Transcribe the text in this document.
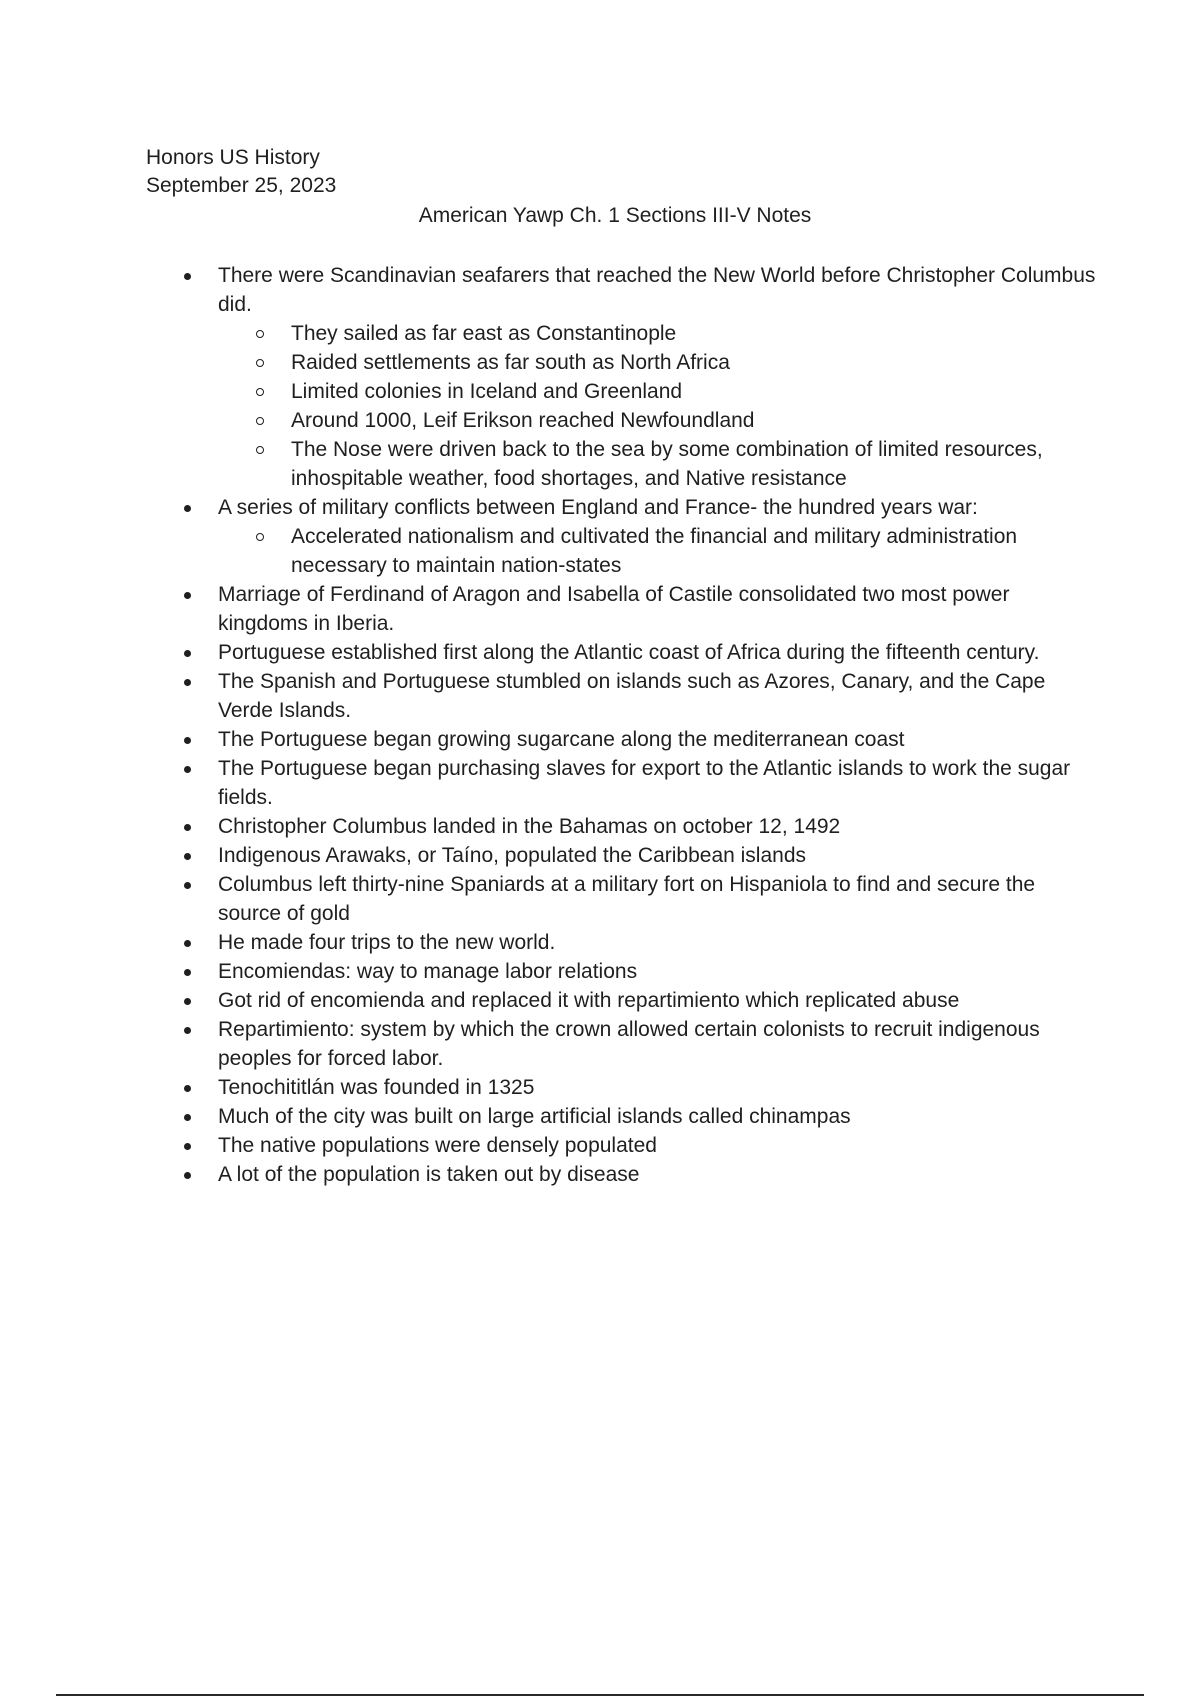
Honors US History
September 25, 2023
American Yawp Ch. 1 Sections III-V Notes
There were Scandinavian seafarers that reached the New World before Christopher Columbus did.
They sailed as far east as Constantinople
Raided settlements as far south as North Africa
Limited colonies in Iceland and Greenland
Around 1000, Leif Erikson reached Newfoundland
The Nose were driven back to the sea by some combination of limited resources, inhospitable weather, food shortages, and Native resistance
A series of military conflicts between England and France- the hundred years war:
Accelerated nationalism and cultivated the financial and military administration necessary to maintain nation-states
Marriage of Ferdinand of Aragon and Isabella of Castile consolidated two most power kingdoms in Iberia.
Portuguese established first along the Atlantic coast of Africa during the fifteenth century.
The Spanish and Portuguese stumbled on islands such as Azores, Canary, and the Cape Verde Islands.
The Portuguese began growing sugarcane along the mediterranean coast
The Portuguese began purchasing slaves for export to the Atlantic islands to work the sugar fields.
Christopher Columbus landed in the Bahamas on october 12, 1492
Indigenous Arawaks, or Taíno, populated the Caribbean islands
Columbus left thirty-nine Spaniards at a military fort on Hispaniola to find and secure the source of gold
He made four trips to the new world.
Encomiendas: way to manage labor relations
Got rid of encomienda and replaced it with repartimiento which replicated abuse
Repartimiento: system by which the crown allowed certain colonists to recruit indigenous peoples for forced labor.
Tenochititlán was founded in 1325
Much of the city was built on large artificial islands called chinampas
The native populations were densely populated
A lot of the population is taken out by disease
